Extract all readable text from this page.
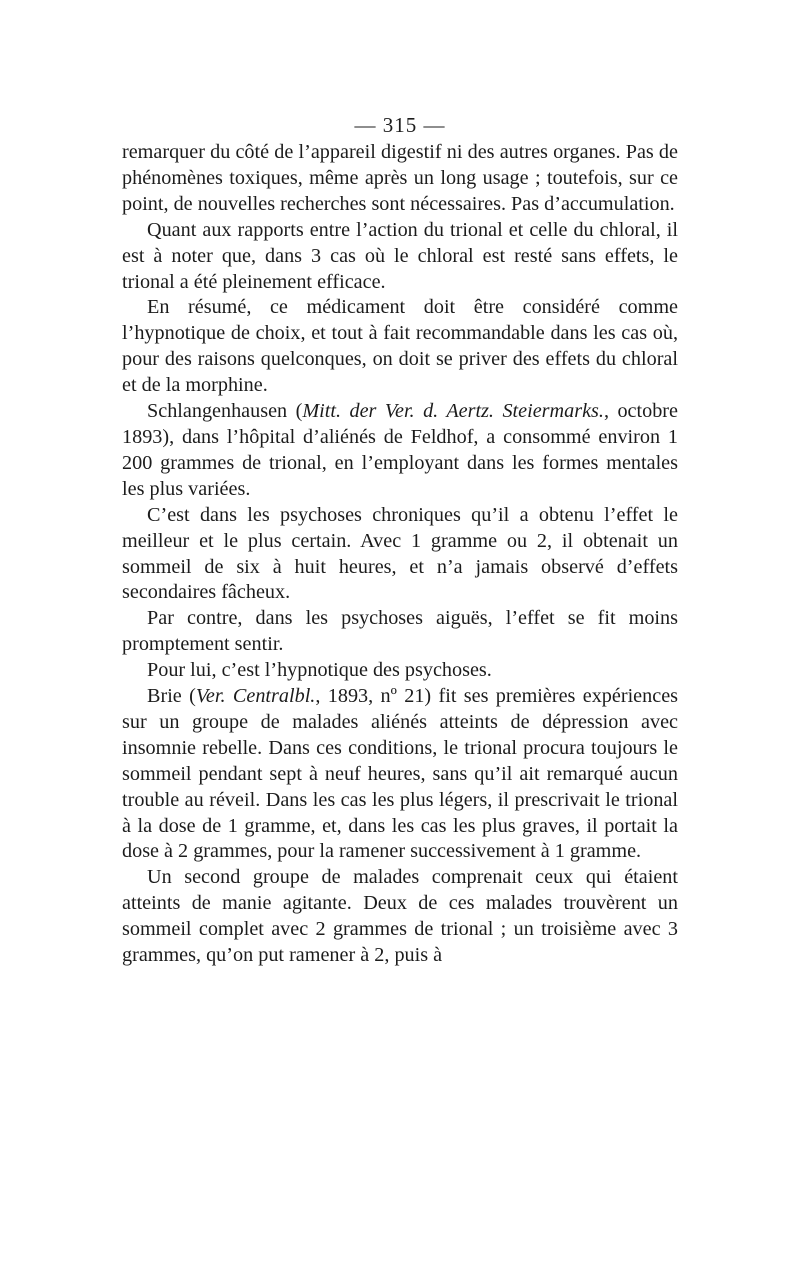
— 315 —

remarquer du côté de l’appareil digestif ni des autres organes. Pas de phénomènes toxiques, même après un long usage ; toutefois, sur ce point, de nouvelles recherches sont nécessaires. Pas d’accumulation.

Quant aux rapports entre l’action du trional et celle du chloral, il est à noter que, dans 3 cas où le chloral est resté sans effets, le trional a été pleinement efficace.

En résumé, ce médicament doit être considéré comme l’hypnotique de choix, et tout à fait recommandable dans les cas où, pour des raisons quelconques, on doit se priver des effets du chloral et de la morphine.

Schlangenhausen (Mitt. der Ver. d. Aertz. Steiermarks., octobre 1893), dans l’hôpital d’aliénés de Feldhof, a consommé environ 1 200 grammes de trional, en l’employant dans les formes mentales les plus variées.

C’est dans les psychoses chroniques qu’il a obtenu l’effet le meilleur et le plus certain. Avec 1 gramme ou 2, il obtenait un sommeil de six à huit heures, et n’a jamais observé d’effets secondaires fâcheux.

Par contre, dans les psychoses aiguës, l’effet se fit moins promptement sentir.

Pour lui, c’est l’hypnotique des psychoses.

Brie (Ver. Centralbl., 1893, nº 21) fit ses premières expériences sur un groupe de malades aliénés atteints de dépression avec insomnie rebelle. Dans ces conditions, le trional procura toujours le sommeil pendant sept à neuf heures, sans qu’il ait remarqué aucun trouble au réveil. Dans les cas les plus légers, il prescrivait le trional à la dose de 1 gramme, et, dans les cas les plus graves, il portait la dose à 2 grammes, pour la ramener successivement à 1 gramme.

Un second groupe de malades comprenait ceux qui étaient atteints de manie agitante. Deux de ces malades trouvèrent un sommeil complet avec 2 grammes de trional ; un troisième avec 3 grammes, qu’on put ramener à 2, puis à
